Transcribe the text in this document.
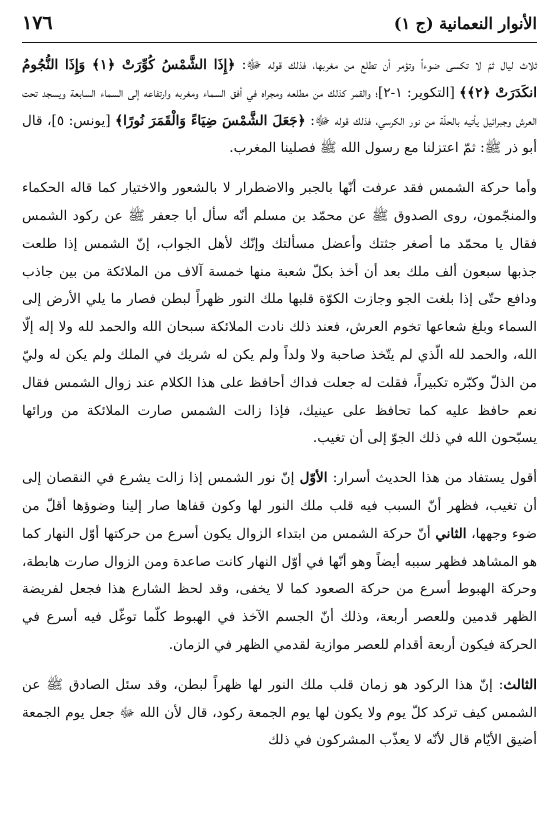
١٧٦	الأنوار النعمانية (ج ١)

ثلاث ليال ثمّ لا تكسى ضوءاً وتؤمر أن تطلع من مغربها، فذلك قوله ﷻ: ﴿إِذَا الشَّمْسُ كُوِّرَتْ ﴿١﴾ وَإِذَا النُّجُومُ انكَدَرَتْ ﴿٢﴾﴾ [التكوير: ١-٢]؛ والقمر كذلك من مطلعه ومجراه في أفق السماء ومغربه وارتفاعه إلى السماء السابعة ويسجد تحت العرش وجبرائيل يأتيه بالحلّة من نور الكرسي، فذلك قوله ﷻ: ﴿جَعَلَ الشَّمْسَ ضِيَاءً وَالْقَمَرَ نُورًا﴾ [يونس: ٥]، قال أبو ذر ﷺ: ثمّ اعتزلنا مع رسول الله ﷺ فصلينا المغرب.

وأما حركة الشمس فقد عرفت أنّها بالجبر والاضطرار لا بالشعور والاختيار كما قاله الحكماء والمنجّمون، روى الصدوق ﷺ عن محمّد بن مسلم أنّه سأل أبا جعفر ﷺ عن ركود الشمس فقال يا محمّد ما أصغر جثتك وأعضل مسألتك وإنّك لأهل الجواب، إنّ الشمس إذا طلعت جذبها سبعون ألف ملك بعد أن أخذ بكلّ شعبة منها خمسة آلاف من الملائكة من بين جاذب ودافع حتّى إذا بلغت الجو وجازت الكوّة قلبها ملك النور ظهراً لبطن فصار ما يلي الأرض إلى السماء وبلغ شعاعها تخوم العرش، فعند ذلك نادت الملائكة سبحان الله والحمد لله ولا إله إلّا الله، والحمد لله الّذي لم يتّخذ صاحبة ولا ولداً ولم يكن له شريك في الملك ولم يكن له وليّ من الذلّ وكبّره تكبيراً، فقلت له جعلت فداك أحافظ على هذا الكلام عند زوال الشمس فقال نعم حافظ عليه كما تحافظ على عينيك، فإذا زالت الشمس صارت الملائكة من ورائها يسبّحون الله في ذلك الجوّ إلى أن تغيب.

أقول يستفاد من هذا الحديث أسرار: الأوّل إنّ نور الشمس إذا زالت يشرع في النقصان إلى أن تغيب، فظهر أنّ السبب فيه قلب ملك النور لها وكون قفاها صار إلينا وضوؤها أقلّ من ضوء وجهها، الثاني أنّ حركة الشمس من ابتداء الزوال يكون أسرع من حركتها أوّل النهار كما هو المشاهد فظهر سببه أيضاً وهو أنّها في أوّل النهار كانت صاعدة ومن الزوال صارت هابطة، وحركة الهبوط أسرع من حركة الصعود كما لا يخفى، وقد لحظ الشارع هذا فجعل لفريضة الظهر قدمين وللعصر أربعة، وذلك أنّ الجسم الآخذ في الهبوط كلّما توغّل فيه أسرع في الحركة فيكون أربعة أقدام للعصر موازية لقدمي الظهر في الزمان.

الثالث: إنّ هذا الركود هو زمان قلب ملك النور لها ظهراً لبطن، وقد سئل الصادق ﷺ عن الشمس كيف تركد كلّ يوم ولا يكون لها يوم الجمعة ركود، قال لأن الله ﷻ جعل يوم الجمعة أضيق الأيّام قال لأنّه لا يعذّب المشركون في ذلك
